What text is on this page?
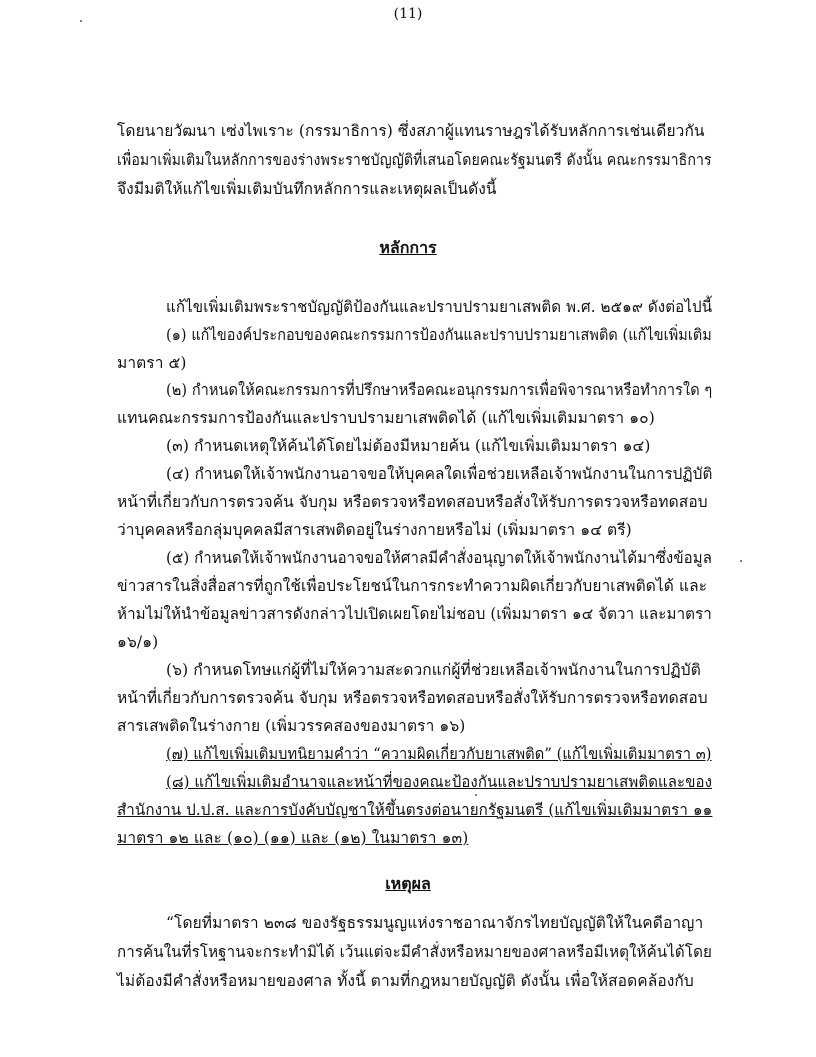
(11)
โดยนายวัฒนา เซ่งไพเราะ (กรรมาธิการ) ซึ่งสภาผู้แทนราษฎรได้รับหลักการเช่นเดียวกัน
เพื่อมาเพิ่มเติมในหลักการของร่างพระราชบัญญัติที่เสนอโดยคณะรัฐมนตรี ดังนั้น คณะกรรมาธิการ
จึงมีมติให้แก้ไขเพิ่มเติมบันทึกหลักการและเหตุผลเป็นดังนี้
หลักการ
แก้ไขเพิ่มเติมพระราชบัญญัติป้องกันและปราบปรามยาเสพติด พ.ศ. ๒๕๑๙ ดังต่อไปนี้
(๑) แก้ไของค์ประกอบของคณะกรรมการป้องกันและปราบปรามยาเสพติด (แก้ไขเพิ่มเติม
มาตรา ๕)
(๒) กำหนดให้คณะกรรมการที่ปรึกษาหรือคณะอนุกรรมการเพื่อพิจารณาหรือทำการใด ๆ
แทนคณะกรรมการป้องกันและปราบปรามยาเสพติดได้ (แก้ไขเพิ่มเติมมาตรา ๑๐)
(๓) กำหนดเหตุให้ค้นได้โดยไม่ต้องมีหมายค้น (แก้ไขเพิ่มเติมมาตรา ๑๔)
(๔) กำหนดให้เจ้าพนักงานอาจขอให้บุคคลใดเพื่อช่วยเหลือเจ้าพนักงานในการปฏิบัติ
หน้าที่เกี่ยวกับการตรวจค้น จับกุม หรือตรวจหรือทดสอบหรือสั่งให้รับการตรวจหรือทดสอบ
ว่าบุคคลหรือกลุ่มบุคคลมีสารเสพติดอยู่ในร่างกายหรือไม่ (เพิ่มมาตรา ๑๔ ตรี)
(๕) กำหนดให้เจ้าพนักงานอาจขอให้ศาลมีคำสั่งอนุญาตให้เจ้าพนักงานได้มาซึ่งข้อมูล
ข่าวสารในสิ่งสื่อสารที่ถูกใช้เพื่อประโยชน์ในการกระทำความผิดเกี่ยวกับยาเสพติดได้ และ
ห้ามไม่ให้นำข้อมูลข่าวสารดังกล่าวไปเปิดเผยโดยไม่ชอบ (เพิ่มมาตรา ๑๔ จัตวา และมาตรา
๑๖/๑)
(๖) กำหนดโทษแก่ผู้ที่ไม่ให้ความสะดวกแก่ผู้ที่ช่วยเหลือเจ้าพนักงานในการปฏิบัติ
หน้าที่เกี่ยวกับการตรวจค้น จับกุม หรือตรวจหรือทดสอบหรือสั่งให้รับการตรวจหรือทดสอบ
สารเสพติดในร่างกาย (เพิ่มวรรคสองของมาตรา ๑๖)
(๗) แก้ไขเพิ่มเติมบทนิยามคำว่า “ความผิดเกี่ยวกับยาเสพติด” (แก้ไขเพิ่มเติมมาตรา ๓)
(๘) แก้ไขเพิ่มเติมอำนาจและหน้าที่ของคณะป้องกันและปราบปรามยาเสพติดและของ
สำนักงาน ป.ป.ส. และการบังคับบัญชาให้ขึ้นตรงต่อนายกรัฐมนตรี (แก้ไขเพิ่มเติมมาตรา ๑๑
มาตรา ๑๒ และ (๑๐) (๑๑) และ (๑๒) ในมาตรา ๑๓)
เหตุผล
“โดยที่มาตรา ๒๓๘ ของรัฐธรรมนูญแห่งราชอาณาจักรไทยบัญญัติให้ในคดีอาญา
การค้นในที่รโหฐานจะกระทำมิได้ เว้นแต่จะมีคำสั่งหรือหมายของศาลหรือมีเหตุให้ค้นได้โดย
ไม่ต้องมีคำสั่งหรือหมายของศาล ทั้งนี้ ตามที่กฎหมายบัญญัติ ดังนั้น เพื่อให้สอดคล้องกับ
